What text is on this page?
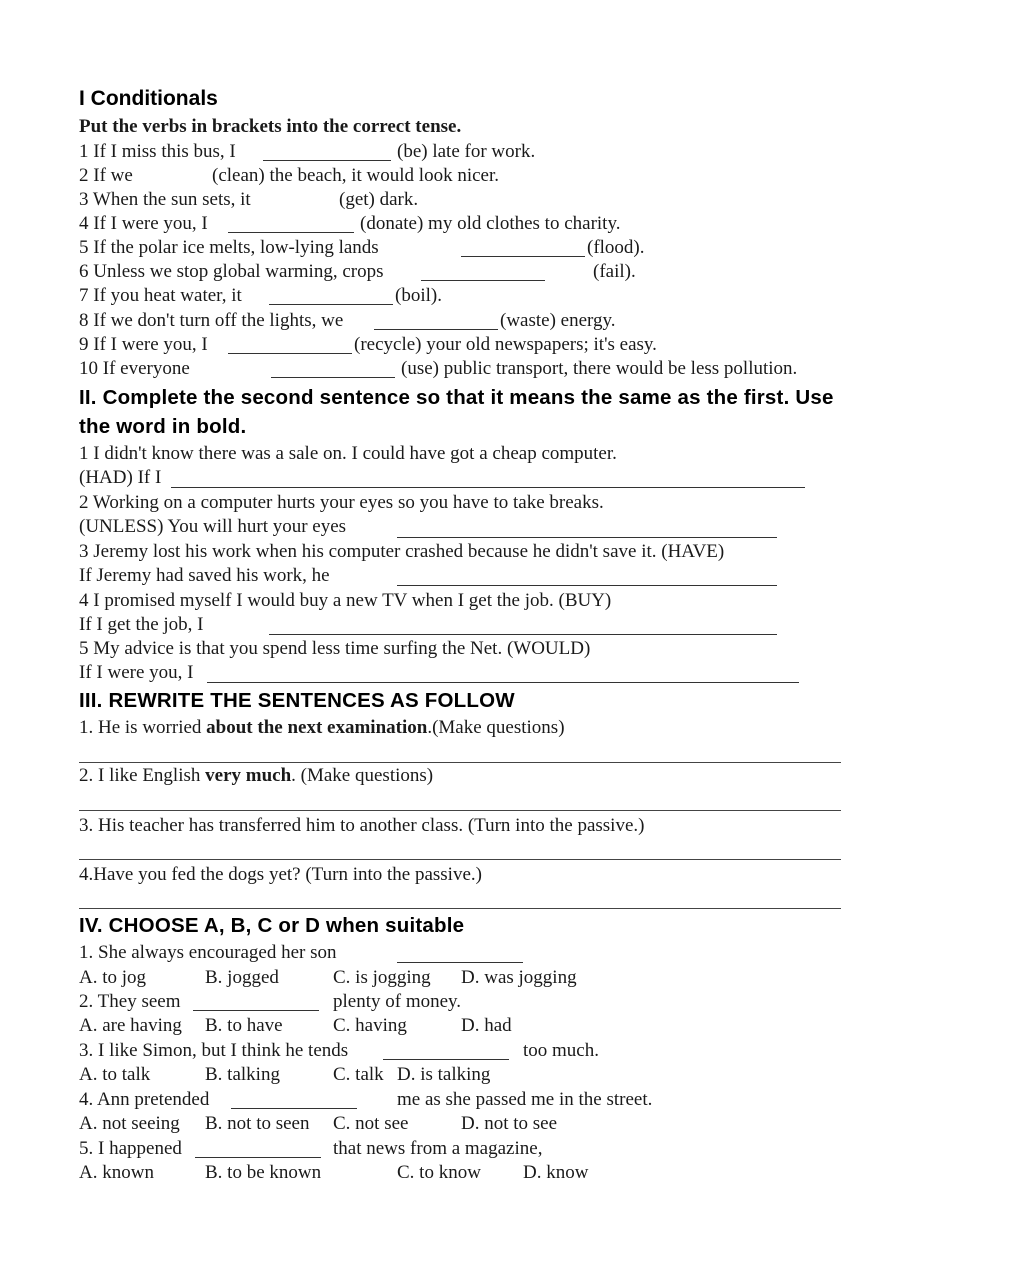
I Conditionals
Put the verbs in brackets into the correct tense.
1 If I miss this bus, I	(be) late for work.
2 If we	(clean) the beach, it would look nicer.
3 When the sun sets, it	(get) dark.
4 If I were you, I	(donate) my old clothes to charity.
5 If the polar ice melts, low-lying lands	(flood).
6 Unless we stop global warming, crops	(fail).
7 If you heat water, it	(boil).
8 If we don't turn off the lights, we	(waste) energy.
9 If I were you, I	(recycle) your old newspapers; it's easy.
10 If everyone	(use) public transport, there would be less pollution.
II. Complete the second sentence so that it means the same as the first. Use
the word in bold.
1 I didn't know there was a sale on. I could have got a cheap computer.
(HAD) If I
2 Working on a computer hurts your eyes so you have to take breaks.
(UNLESS) You will hurt your eyes
3 Jeremy lost his work when his computer crashed because he didn't save it. (HAVE)
If Jeremy had saved his work, he
4 I promised myself I would buy a new TV when I get the job. (BUY)
If I get the job, I
5 My advice is that you spend less time surfing the Net. (WOULD)
If I were you, I
III. REWRITE THE SENTENCES AS FOLLOW
1. He is worried about the next examination.(Make questions)
2. I like English very much. (Make questions)
3. His teacher has transferred him to another class. (Turn into the passive.)
4.Have you fed the dogs yet? (Turn into the passive.)
IV. CHOOSE A, B, C or D when suitable
1. She always encouraged her son
A. to jog	B. jogged	C. is jogging D. was jogging
2. They seem	plenty of money.
A. are having B. to have	C. having	D. had
3. I like Simon, but I think he tends	too much.
A. to talk	B. talking	C. talk D. is talking
4. Ann pretended	me as she passed me in the street.
A. not seeing B. not to seen C. not see	D. not to see
5. I happened	that news from a magazine,
A. known	B. to be known	C. to know D. know
